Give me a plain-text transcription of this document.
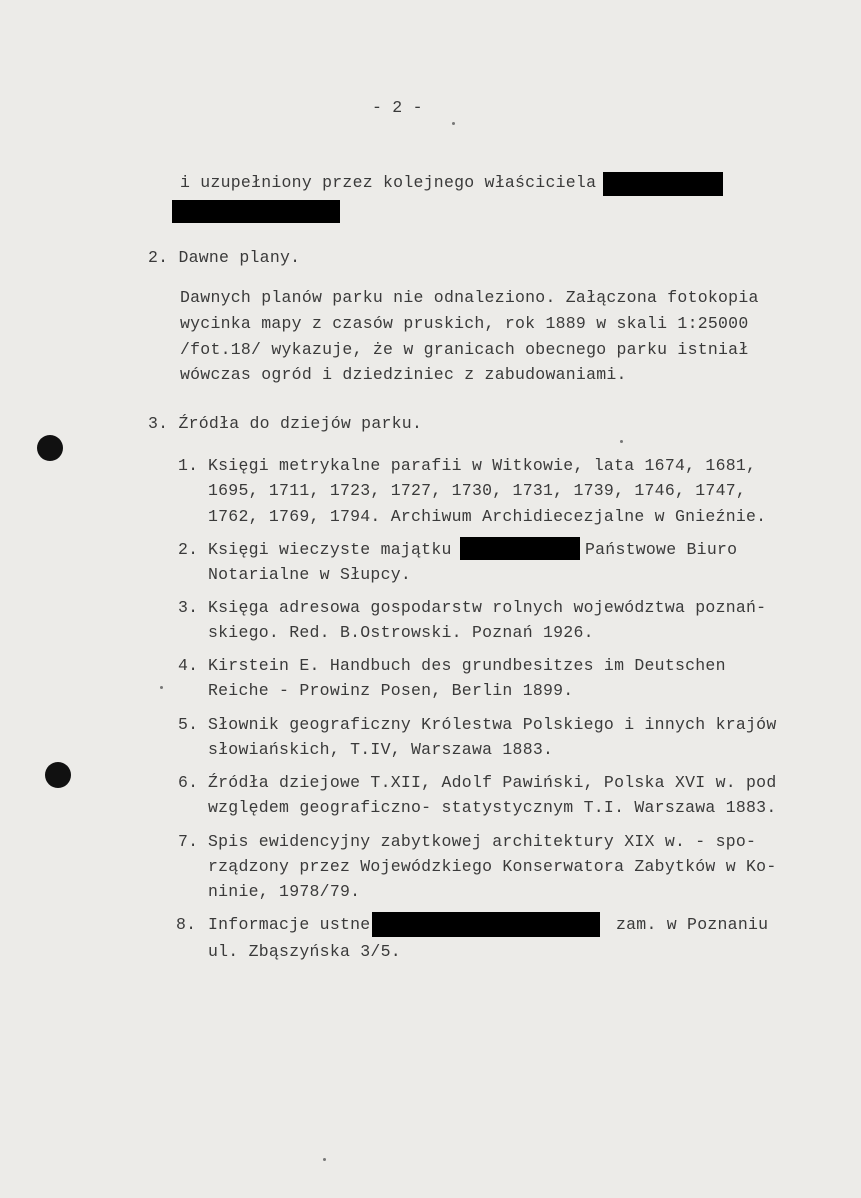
- 2 -
i uzupełniony przez kolejnego właściciela
2. Dawne plany.
Dawnych planów parku nie odnaleziono. Załączona fotokopia
wycinka mapy z czasów pruskich, rok 1889 w skali 1:25000
/fot.18/ wykazuje, że w granicach obecnego parku istniał
wówczas ogród i dziedziniec z zabudowaniami.
3. Źródła do dziejów parku.
1. Księgi metrykalne parafii w Witkowie, lata 1674, 1681,
1695, 1711, 1723, 1727, 1730, 1731, 1739, 1746, 1747,
1762, 1769, 1794. Archiwum Archidiecezjalne w Gnieźnie.
2. Księgi wieczyste majątku	Państwowe Biuro
Notarialne w Słupcy.
3. Księga adresowa gospodarstw rolnych województwa poznań-
skiego. Red. B.Ostrowski. Poznań 1926.
4. Kirstein E. Handbuch des grundbesitzes im Deutschen
Reiche - Prowinz Posen, Berlin 1899.
5. Słownik geograficzny Królestwa Polskiego i innych krajów
słowiańskich, T.IV, Warszawa 1883.
6. Źródła dziejowe T.XII, Adolf Pawiński, Polska XVI w. pod
względem geograficzno- statystycznym T.I. Warszawa 1883.
7. Spis ewidencyjny zabytkowej architektury XIX w. - spo-
rządzony przez Wojewódzkiego Konserwatora Zabytków w Ko-
ninie, 1978/79.
8. Informacje ustne	zam. w Poznaniu
ul. Zbąszyńska 3/5.
